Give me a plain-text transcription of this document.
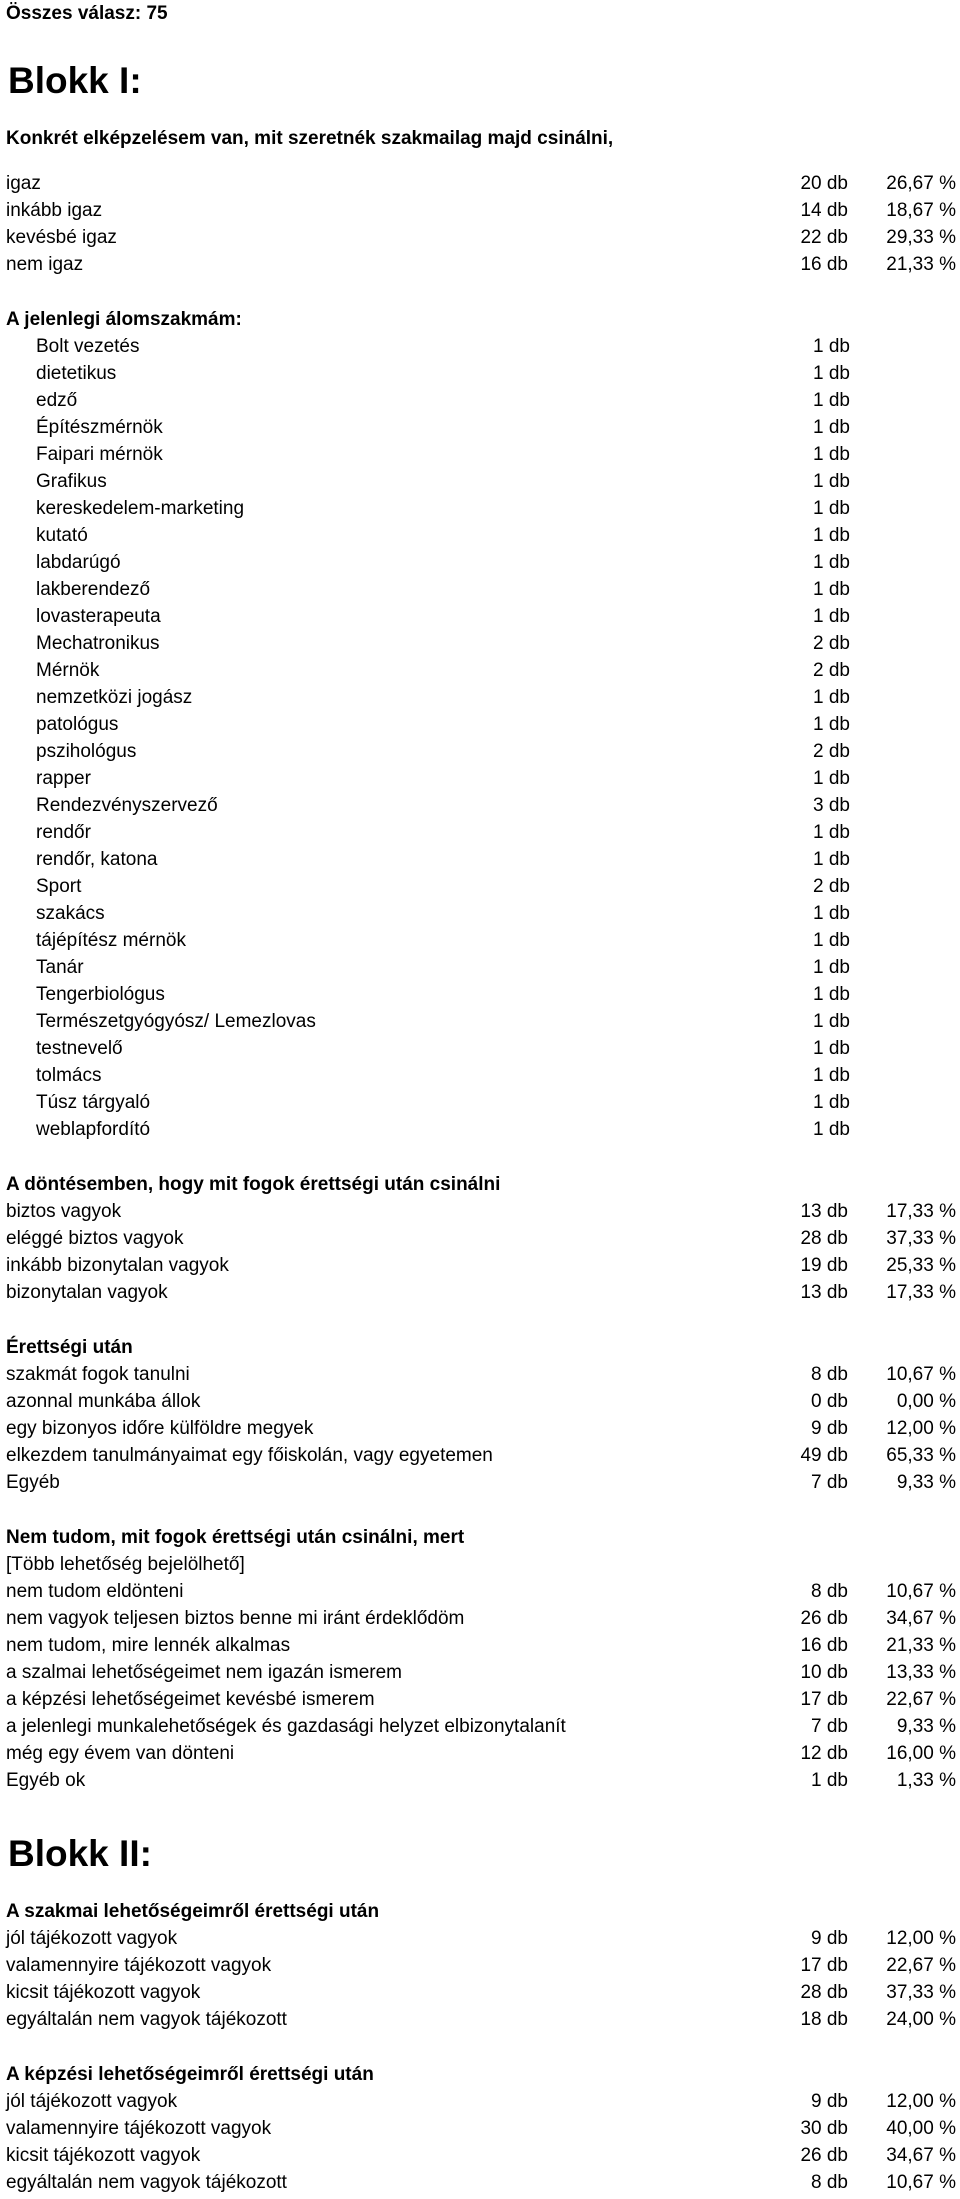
Összes válasz: 75
Blokk I:
Konkrét elképzelésem van, mit szeretnék szakmailag majd csinálni,
igaz	20 db 26,67 %
inkább igaz	14 db 18,67 %
kevésbé igaz	22 db 29,33 %
nem igaz	16 db 21,33 %
A jelenlegi álomszakmám:
Bolt vezetés	1 db
dietetikus	1 db
edző	1 db
Építészmérnök	1 db
Faipari mérnök	1 db
Grafikus	1 db
kereskedelem-marketing	1 db
kutató	1 db
labdarúgó	1 db
lakberendező	1 db
lovasterapeuta	1 db
Mechatronikus	2 db
Mérnök	2 db
nemzetközi jogász	1 db
patológus	1 db
pszihológus	2 db
rapper	1 db
Rendezvényszervező	3 db
rendőr	1 db
rendőr, katona	1 db
Sport	2 db
szakács	1 db
tájépítész mérnök	1 db
Tanár	1 db
Tengerbiológus	1 db
Természetgyógyósz/ Lemezlovas	1 db
testnevelő	1 db
tolmács	1 db
Túsz tárgyaló	1 db
weblapfordító	1 db
A döntésemben, hogy mit fogok érettségi után csinálni
biztos vagyok	13 db 17,33 %
eléggé biztos vagyok	28 db 37,33 %
inkább bizonytalan vagyok	19 db 25,33 %
bizonytalan vagyok	13 db 17,33 %
Érettségi után
szakmát fogok tanulni	8 db 10,67 %
azonnal munkába állok	0 db	0,00 %
egy bizonyos időre külföldre megyek	9 db 12,00 %
elkezdem tanulmányaimat egy főiskolán, vagy egyetemen	49 db 65,33 %
Egyéb	7 db	9,33 %
Nem tudom, mit fogok érettségi után csinálni, mert
[Több lehetőség bejelölhető]
nem tudom eldönteni	8 db 10,67 %
nem vagyok teljesen biztos benne mi iránt érdeklődöm	26 db 34,67 %
nem tudom, mire lennék alkalmas	16 db 21,33 %
a szalmai lehetőségeimet nem igazán ismerem	10 db 13,33 %
a képzési lehetőségeimet kevésbé ismerem	17 db 22,67 %
a jelenlegi munkalehetőségek és gazdasági helyzet elbizonytalanít	7 db	9,33 %
még egy évem van dönteni	12 db 16,00 %
Egyéb ok	1 db	1,33 %
Blokk II:
A szakmai lehetőségeimről érettségi után
jól tájékozott vagyok	9 db 12,00 %
valamennyire tájékozott vagyok	17 db 22,67 %
kicsit tájékozott vagyok	28 db 37,33 %
egyáltalán nem vagyok tájékozott	18 db 24,00 %
A képzési lehetőségeimről érettségi után
jól tájékozott vagyok	9 db 12,00 %
valamennyire tájékozott vagyok	30 db 40,00 %
kicsit tájékozott vagyok	26 db 34,67 %
egyáltalán nem vagyok tájékozott	8 db 10,67 %
